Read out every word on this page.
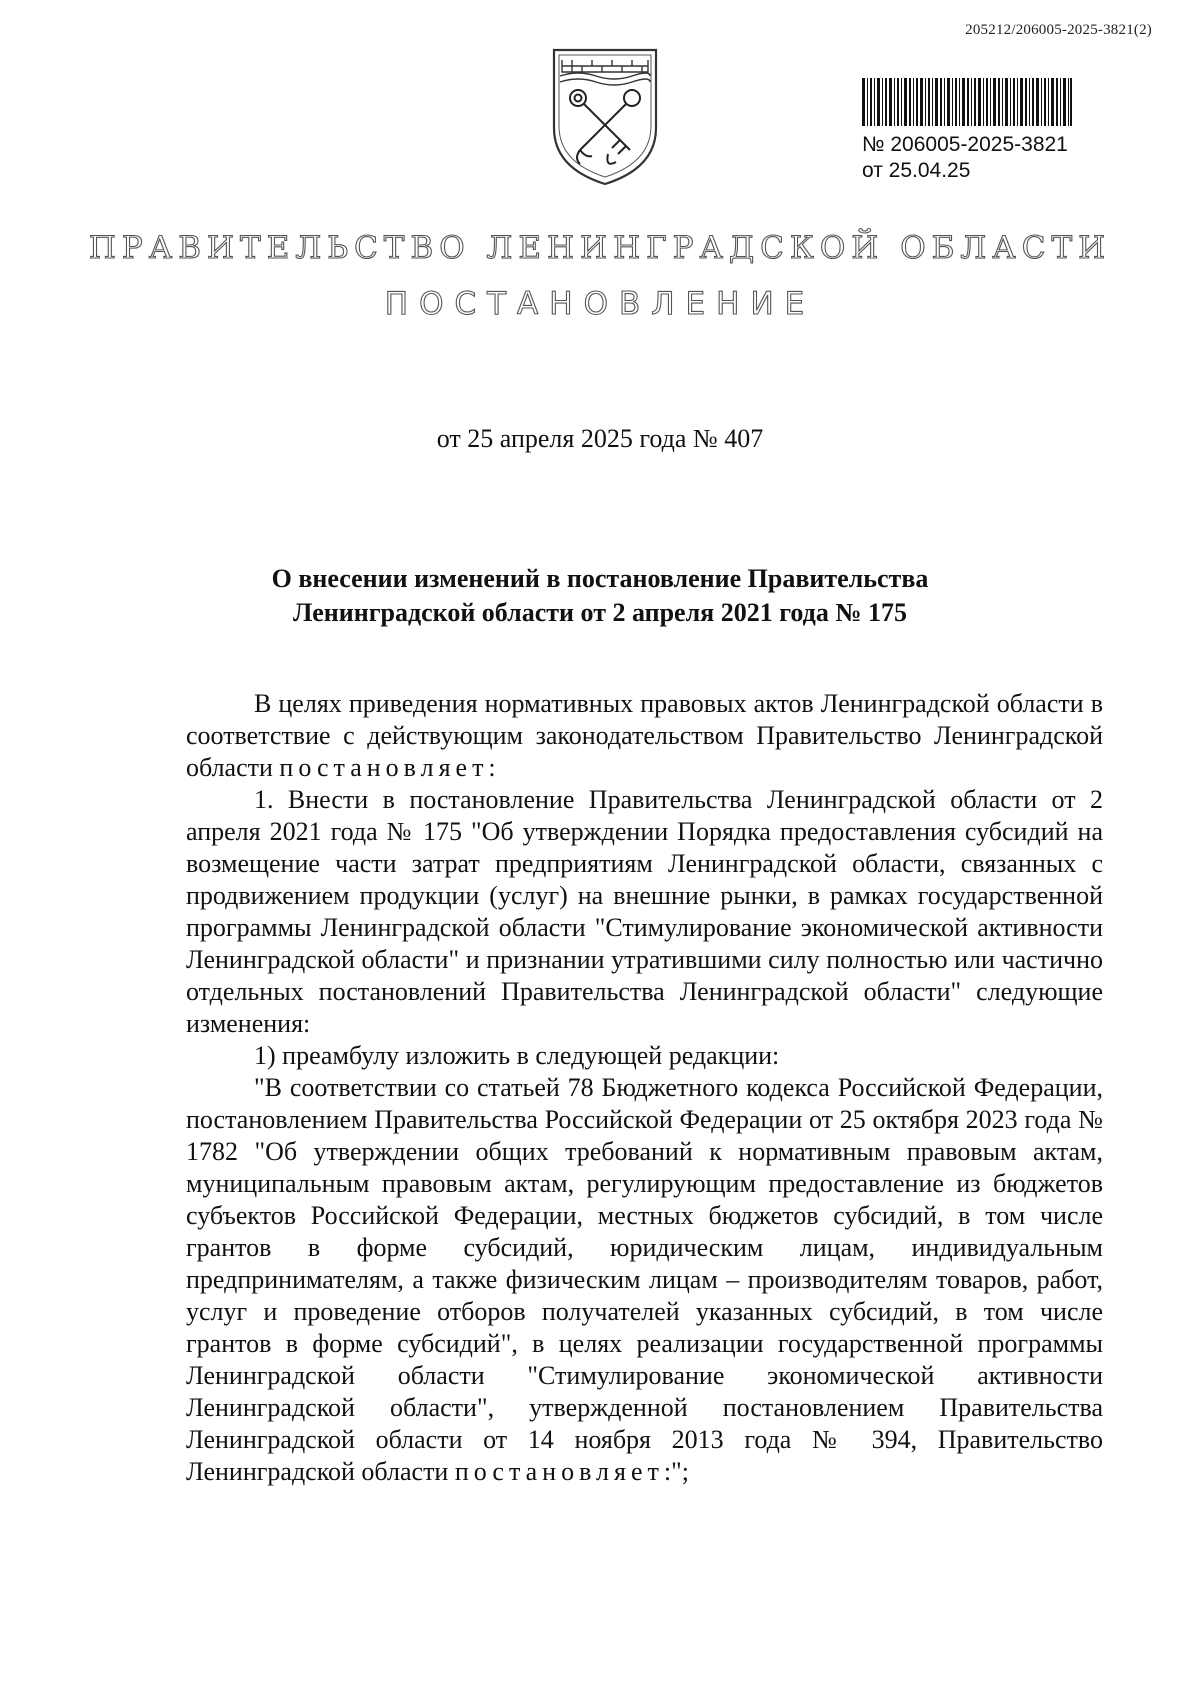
205212/206005-2025-3821(2)
№ 206005-2025-3821
от 25.04.25
ПРАВИТЕЛЬСТВО ЛЕНИНГРАДСКОЙ ОБЛАСТИ
ПОСТАНОВЛЕНИЕ
от 25 апреля 2025 года № 407
О внесении изменений в постановление Правительства Ленинградской области от 2 апреля 2021 года № 175

В целях приведения нормативных правовых актов Ленинградской области в соответствие с действующим законодательством Правительство Ленинградской области постановляет:

1. Внести в постановление Правительства Ленинградской области от 2 апреля 2021 года № 175 "Об утверждении Порядка предоставления субсидий на возмещение части затрат предприятиям Ленинградской области, связанных с продвижением продукции (услуг) на внешние рынки, в рамках государственной программы Ленинградской области "Стимулирование экономической активности Ленинградской области" и признании утратившими силу полностью или частично отдельных постановлений Правительства Ленинградской области" следующие изменения:

1) преамбулу изложить в следующей редакции:

"В соответствии со статьей 78 Бюджетного кодекса Российской Федерации, постановлением Правительства Российской Федерации от 25 октября 2023 года № 1782 "Об утверждении общих требований к нормативным правовым актам, муниципальным правовым актам, регулирующим предоставление из бюджетов субъектов Российской Федерации, местных бюджетов субсидий, в том числе грантов в форме субсидий, юридическим лицам, индивидуальным предпринимателям, а также физическим лицам – производителям товаров, работ, услуг и проведение отборов получателей указанных субсидий, в том числе грантов в форме субсидий", в целях реализации государственной программы Ленинградской области "Стимулирование экономической активности Ленинградской области", утвержденной постановлением Правительства Ленинградской области от 14 ноября 2013 года № 394, Правительство Ленинградской области постановляет:";
